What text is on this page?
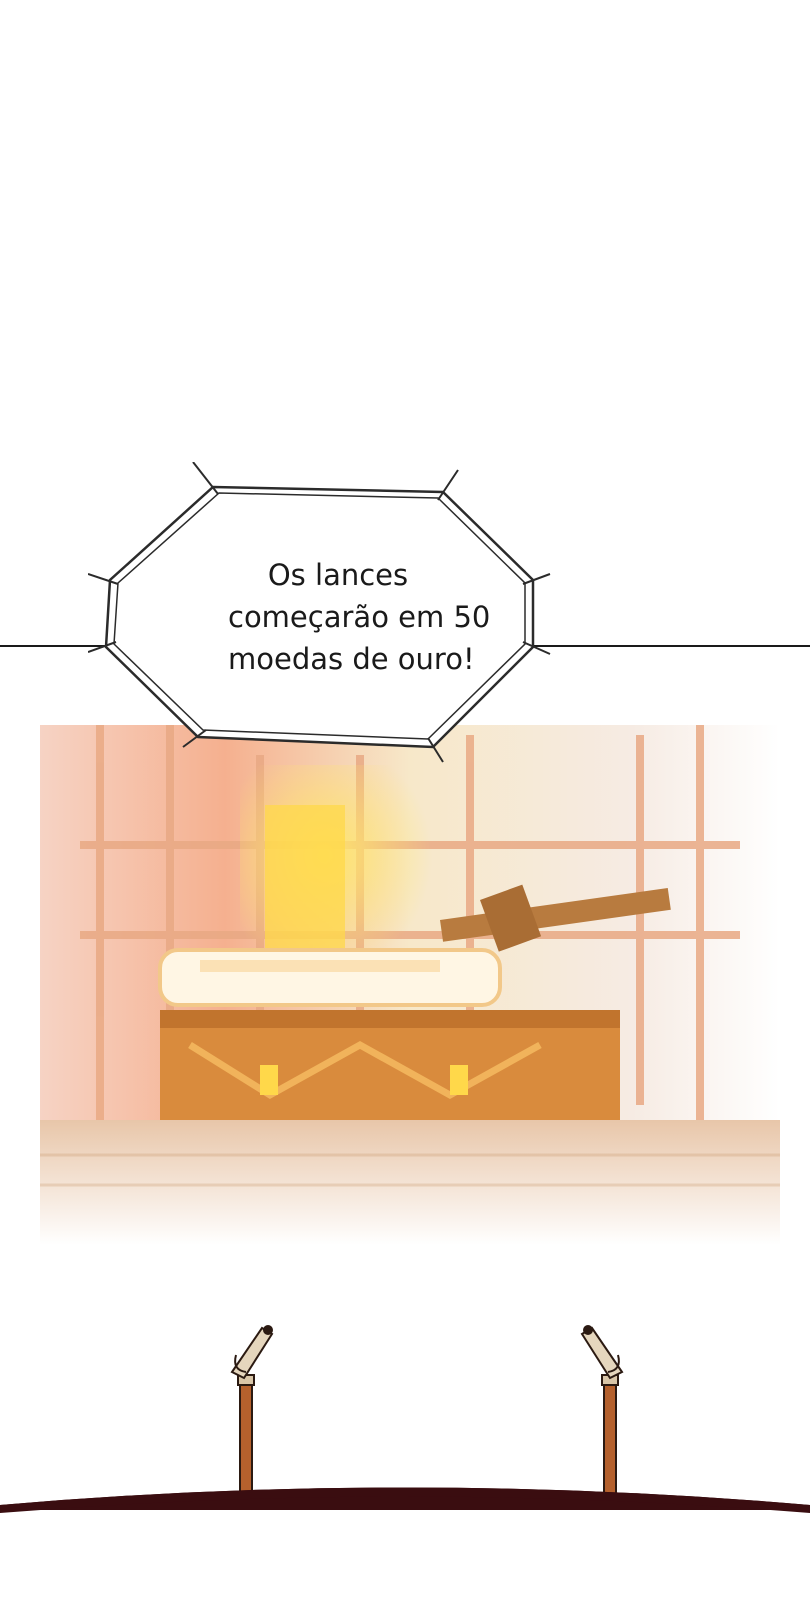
Os lances
começarão em 50
moedas de ouro!
